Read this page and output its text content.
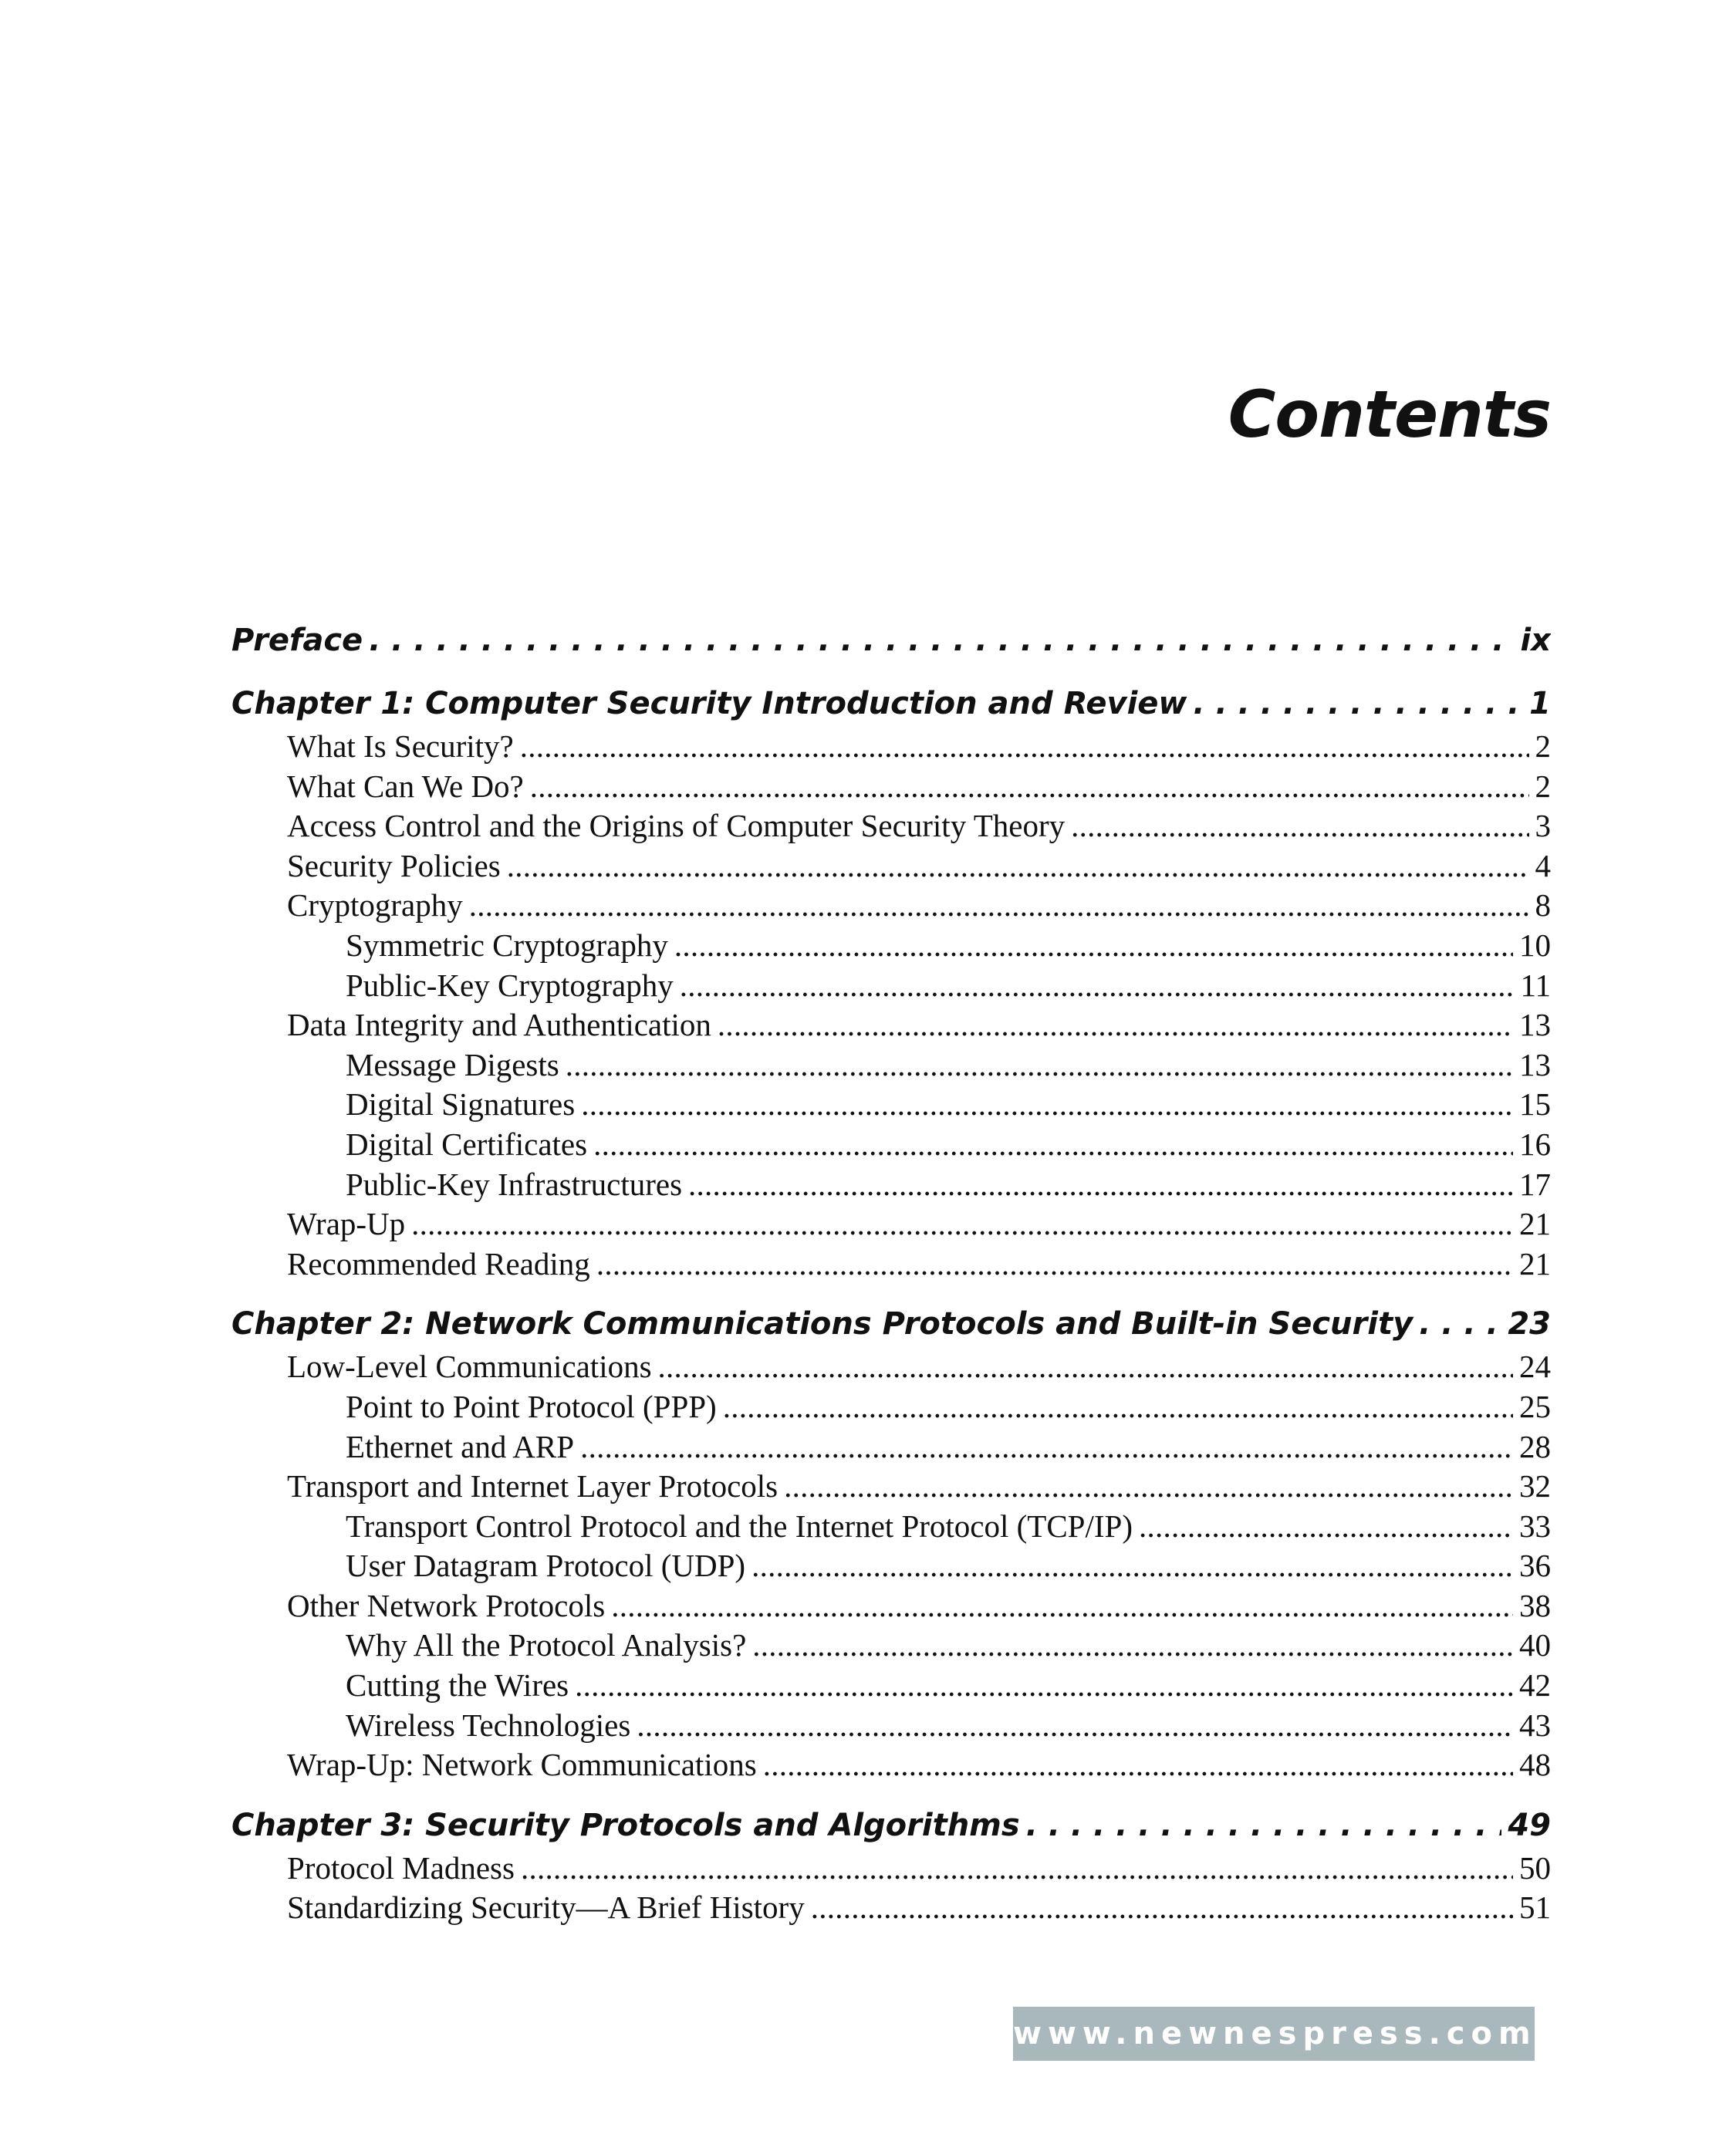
Contents
Preface . . .	ix
Chapter 1: Computer Security Introduction and Review . . .	1
What Is Security? . . .	2
What Can We Do? . . .	2
Access Control and the Origins of Computer Security Theory . . .	3
Security Policies . . .	4
Cryptography . . .	8
Symmetric Cryptography . . .	10
Public-Key Cryptography . . .	11
Data Integrity and Authentication . . .	13
Message Digests . . .	13
Digital Signatures . . .	15
Digital Certificates . . .	16
Public-Key Infrastructures . . .	17
Wrap-Up . . .	21
Recommended Reading . . .	21
Chapter 2: Network Communications Protocols and Built-in Security . . .	23
Low-Level Communications . . .	24
Point to Point Protocol (PPP) . . .	25
Ethernet and ARP . . .	28
Transport and Internet Layer Protocols . . .	32
Transport Control Protocol and the Internet Protocol (TCP/IP) . . .	33
User Datagram Protocol (UDP) . . .	36
Other Network Protocols . . .	38
Why All the Protocol Analysis? . . .	40
Cutting the Wires . . .	42
Wireless Technologies . . .	43
Wrap-Up: Network Communications . . .	48
Chapter 3: Security Protocols and Algorithms . . .	49
Protocol Madness . . .	50
Standardizing Security—A Brief History . . .	51
www.newnespress.com
